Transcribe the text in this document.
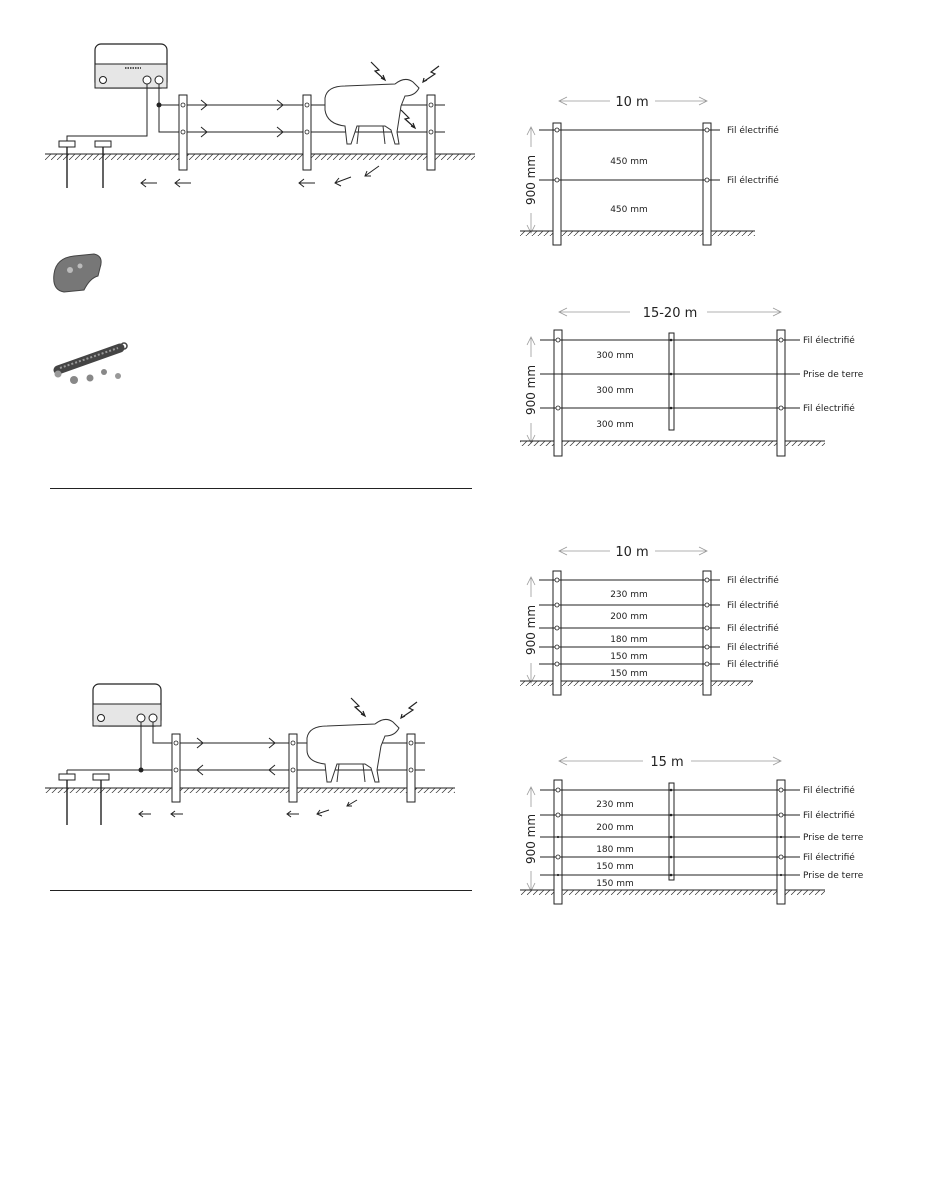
10 m
900 mm	450 mm
450 mm
Fil électrifié
Fil électrifié
15-20 m
900 mm
300 mm
300 mm
300 mm
Fil électrifié
Prise de terre
Fil électrifié
10 m
900 mm
230 mm
200 mm
180 mm
150 mm
150 mm
Fil électrifié
Fil électrifié
Fil électrifié
Fil électrifié
Fil électrifié
15 m
900 mm
230 mm
200 mm
180 mm
150 mm
150 mm
Fil électrifié
Fil électrifié
Prise de terre
Fil électrifié
Prise de terre
